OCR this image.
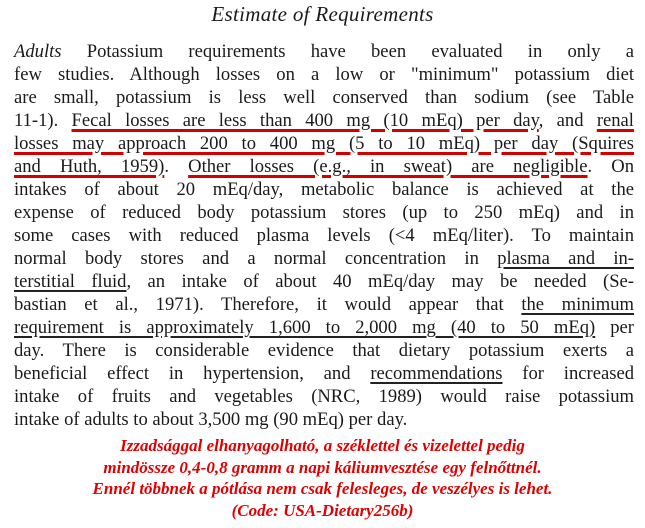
Estimate of Requirements
Adults Potassium requirements have been evaluated in only a
few studies. Although losses on a low or "minimum" potassium diet
are small, potassium is less well conserved than sodium (see Table
11-1). Fecal losses are less than 400 mg (10 mEq) per day, and renal
losses may approach 200 to 400 mg (5 to 10 mEq) per day (Squires
and Huth, 1959). Other losses (e.g., in sweat) are negligible. On
intakes of about 20 mEq/day, metabolic balance is achieved at the
expense of reduced body potassium stores (up to 250 mEq) and in
some cases with reduced plasma levels (<4 mEq/liter). To maintain
normal body stores and a normal concentration in plasma and in-
terstitial fluid, an intake of about 40 mEq/day may be needed (Se-
bastian et al., 1971). Therefore, it would appear that the minimum
requirement is approximately 1,600 to 2,000 mg (40 to 50 mEq) per
day. There is considerable evidence that dietary potassium exerts a
beneficial effect in hypertension, and recommendations for increased
intake of fruits and vegetables (NRC, 1989) would raise potassium
intake of adults to about 3,500 mg (90 mEq) per day.
Izzadsággal elhanyagolható, a széklettel és vizelettel pedig
mindössze 0,4-0,8 gramm a napi káliumvesztése egy felnőttnél.
Ennél többnek a pótlása nem csak felesleges, de veszélyes is lehet.
(Code: USA-Dietary256b)
